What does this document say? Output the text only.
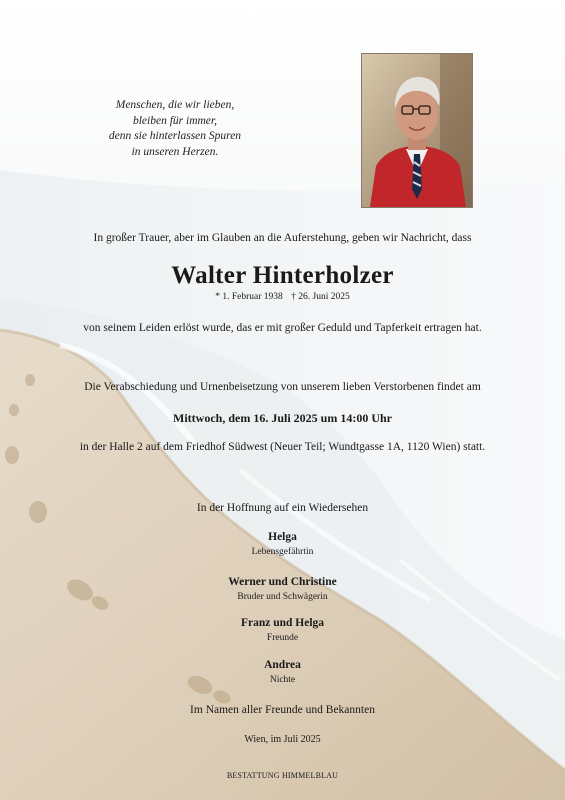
Menschen, die wir lieben,
bleiben für immer,
denn sie hinterlassen Spuren
in unseren Herzen.
In großer Trauer, aber im Glauben an die Auferstehung, geben wir Nachricht, dass
Walter Hinterholzer
* 1. Februar 1938 † 26. Juni 2025
von seinem Leiden erlöst wurde, das er mit großer Geduld und Tapferkeit ertragen hat.
Die Verabschiedung und Urnenbeisetzung von unserem lieben Verstorbenen findet am
Mittwoch, dem 16. Juli 2025 um 14:00 Uhr
in der Halle 2 auf dem Friedhof Südwest (Neuer Teil; Wundtgasse 1A, 1120 Wien) statt.
In der Hoffnung auf ein Wiedersehen
Helga
Lebensgefährtin
Werner und Christine
Bruder und Schwägerin
Franz und Helga
Freunde
Andrea
Nichte
Im Namen aller Freunde und Bekannten
Wien, im Juli 2025
BESTATTUNG HIMMELBLAU
